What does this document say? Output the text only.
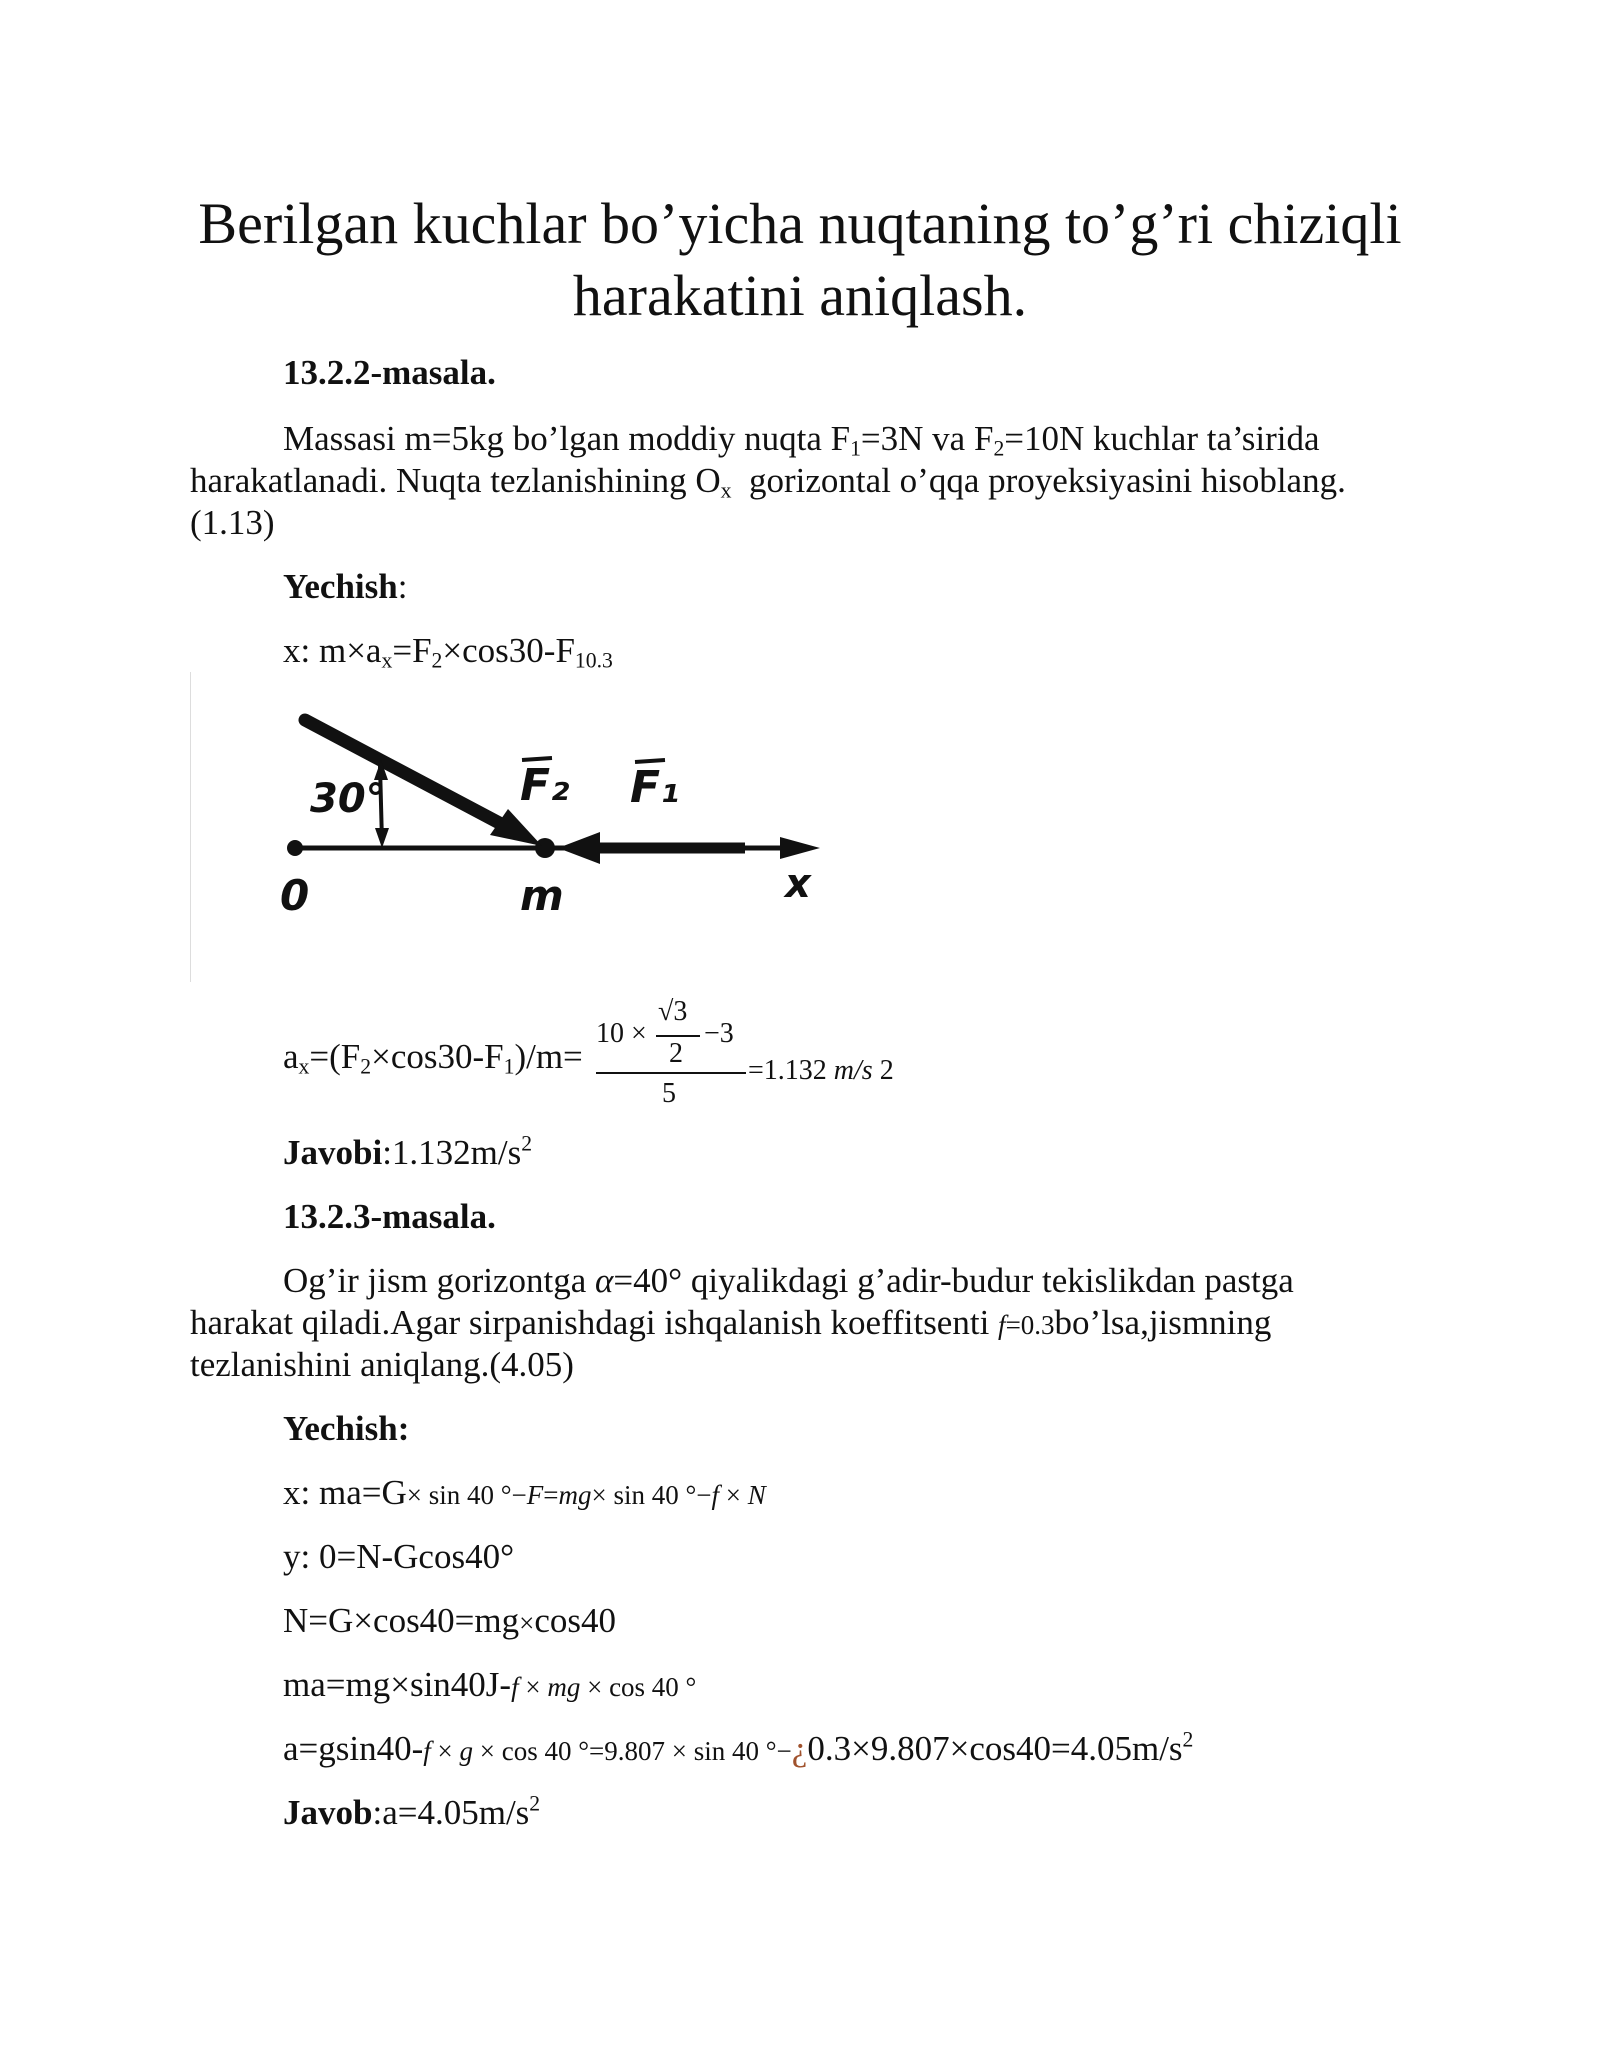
Berilgan kuchlar bo’yicha nuqtaning to’g’ri chiziqli harakatini aniqlash.
13.2.2-masala.
Massasi m=5kg bo’lgan moddiy nuqta $F_1=3N$ va $F_2=10N$ kuchlar ta’sirida
harakatlanadi. Nuqta tezlanishining $O_x$  gorizontal o’qqa proyeksiyasini hisoblang.
(1.13)
Yechish:
x: $m\times a_x=F_2\times\cos 30-F_{10.3}$
30°	F₂ F₁
0	m	x
$a_x=(F_2\times\cos 30-F_1)/m=$
10 ×
√3
2
−3
5
=1.132 m/s 2
$Javobi:1.132m/s^2$
13.2.3-masala.
Og’ir jism gorizontga α=40° qiyalikdagi g’adir-budur tekislikdan pastga
harakat qiladi.Agar sirpanishdagi ishqalanish koeffitsenti f=0.3bo’lsa,jismning
tezlanishini aniqlang.(4.05)
Yechish:
x: ma=G× sin 40 °−F=mg× sin 40 °−f × N
y: 0=N-Gcos40°
N=G×cos40=mg×cos40
ma=mg×sin40J-f × mg × cos 40 °
a=gsin40-f × g × cos 40 °=9.807 × sin 40 $^\circ-¿0.3\times 9.807\times\cos 40=4.05m/s^2$
$Javob:a=4.05m/s^2$
